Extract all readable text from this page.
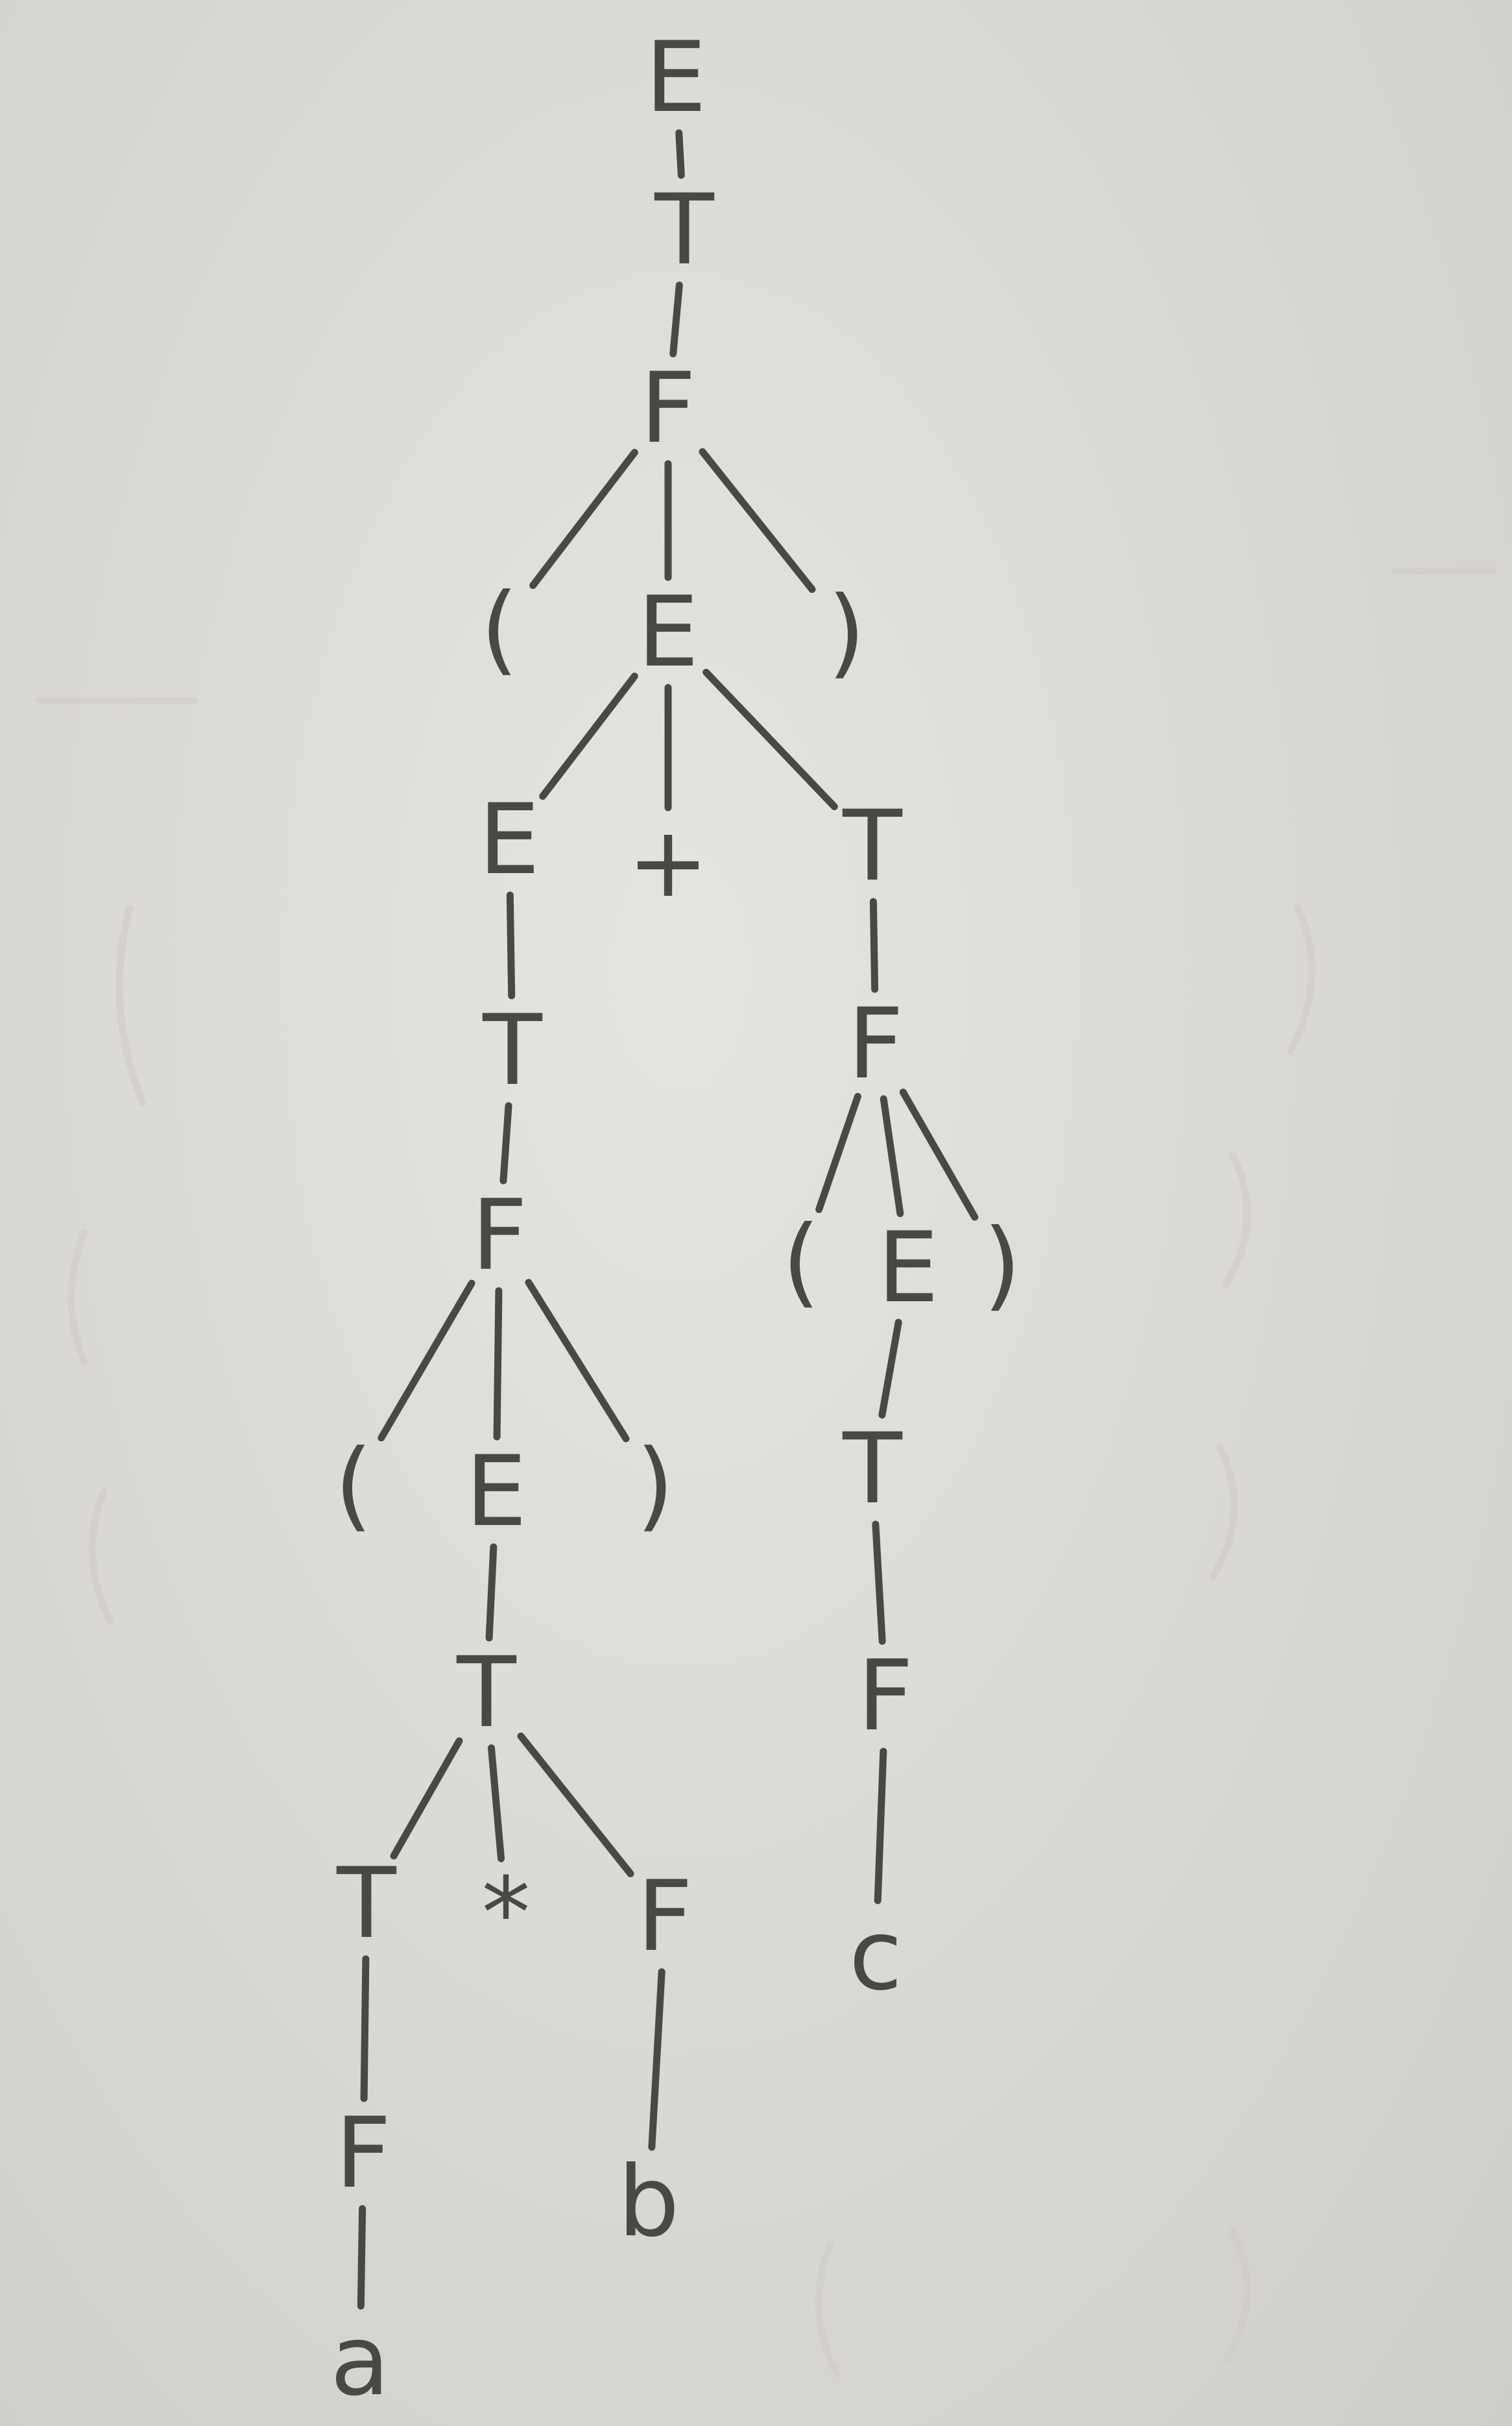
E
T
F
( E )
E + T
T	F
F	( E )
( E ) T
T	F
T * F c
F b
a
